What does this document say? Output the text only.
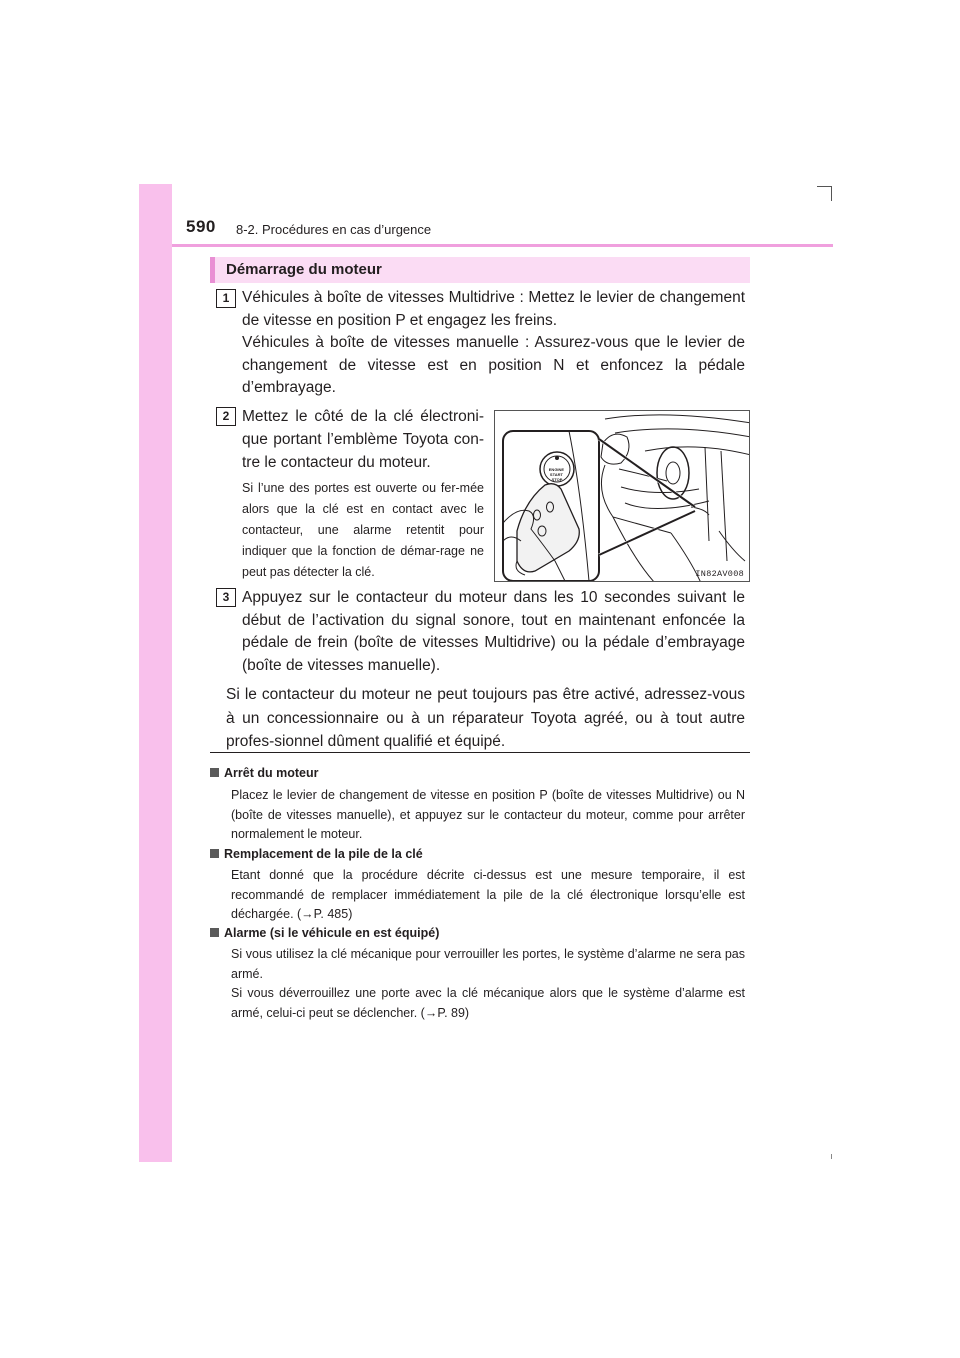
590 8-2. Procédures en cas d’urgence
Démarrage du moteur
1 Véhicules à boîte de vitesses Multidrive : Mettez le levier de changement de vitesse en position P et engagez les freins.
Véhicules à boîte de vitesses manuelle : Assurez-vous que le levier de changement de vitesse est en position N et enfoncez la pédale d’embrayage.
2 Mettez le côté de la clé électroni-que portant l’emblème Toyota con-tre le contacteur du moteur.
Si l’une des portes est ouverte ou fer-mée alors que la clé est en contact avec le contacteur, une alarme retentit pour indiquer que la fonction de démar-rage ne peut pas détecter la clé.
ENGINE START STOP
IN82AV008
3 Appuyez sur le contacteur du moteur dans les 10 secondes suivant le début de l’activation du signal sonore, tout en maintenant enfoncée la pédale de frein (boîte de vitesses Multidrive) ou la pédale d’embrayage (boîte de vitesses manuelle).
Si le contacteur du moteur ne peut toujours pas être activé, adressez-vous à un concessionnaire ou à un réparateur Toyota agréé, ou à tout autre profes-sionnel dûment qualifié et équipé.
Arrêt du moteur
Placez le levier de changement de vitesse en position P (boîte de vitesses Multidrive) ou N (boîte de vitesses manuelle), et appuyez sur le contacteur du moteur, comme pour arrêter normalement le moteur.
Remplacement de la pile de la clé
Etant donné que la procédure décrite ci-dessus est une mesure temporaire, il est recommandé de remplacer immédiatement la pile de la clé électronique lorsqu’elle est déchargée. (→P. 485)
Alarme (si le véhicule en est équipé)
Si vous utilisez la clé mécanique pour verrouiller les portes, le système d’alarme ne sera pas armé.
Si vous déverrouillez une porte avec la clé mécanique alors que le système d’alarme est armé, celui-ci peut se déclencher. (→P. 89)
